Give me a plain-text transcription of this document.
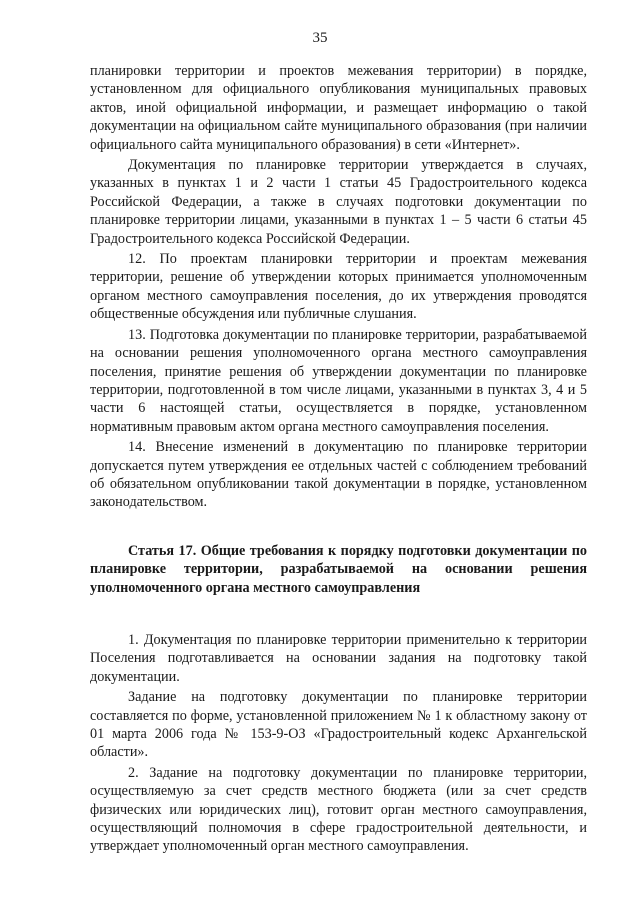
35

планировки территории и проектов межевания территории) в порядке, установленном для официального опубликования муниципальных правовых актов, иной официальной информации, и размещает информацию о такой документации на официальном сайте муниципального образования (при наличии официального сайта муниципального образования) в сети «Интернет».

Документация по планировке территории утверждается в случаях, указанных в пунктах 1 и 2 части 1 статьи 45 Градостроительного кодекса Российской Федерации, а также в случаях подготовки документации по планировке территории лицами, указанными в пунктах 1 – 5 части 6 статьи 45 Градостроительного кодекса Российской Федерации.

12. По проектам планировки территории и проектам межевания территории, решение об утверждении которых принимается уполномоченным органом местного самоуправления поселения, до их утверждения проводятся общественные обсуждения или публичные слушания.

13. Подготовка документации по планировке территории, разрабатываемой на основании решения уполномоченного органа местного самоуправления поселения, принятие решения об утверждении документации по планировке территории, подготовленной в том числе лицами, указанными в пунктах 3, 4 и 5 части 6 настоящей статьи, осуществляется в порядке, установленном нормативным правовым актом органа местного самоуправления поселения.

14. Внесение изменений в документацию по планировке территории допускается путем утверждения ее отдельных частей с соблюдением требований об обязательном опубликовании такой документации в порядке, установленном законодательством.

Статья 17. Общие требования к порядку подготовки документации по планировке территории, разрабатываемой на основании решения уполномоченного органа местного самоуправления

1. Документация по планировке территории применительно к территории Поселения подготавливается на основании задания на подготовку такой документации.

Задание на подготовку документации по планировке территории составляется по форме, установленной приложением № 1 к областному закону от 01 марта 2006 года № 153-9-ОЗ «Градостроительный кодекс Архангельской области».

2. Задание на подготовку документации по планировке территории, осуществляемую за счет средств местного бюджета (или за счет средств физических или юридических лиц), готовит орган местного самоуправления, осуществляющий полномочия в сфере градостроительной деятельности, и утверждает уполномоченный орган местного самоуправления.
